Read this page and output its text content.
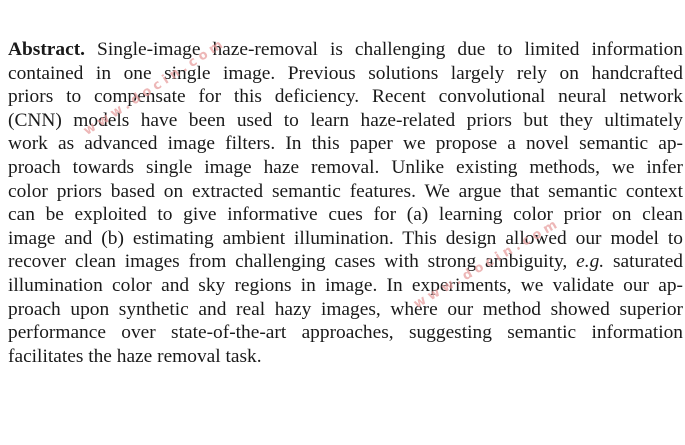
Abstract. Single-image haze-removal is challenging due to limited information
contained in one single image. Previous solutions largely rely on handcrafted
priors to compensate for this deficiency. Recent convolutional neural network
(CNN) models have been used to learn haze-related priors but they ultimately
work as advanced image filters. In this paper we propose a novel semantic ap-
proach towards single image haze removal. Unlike existing methods, we infer
color priors based on extracted semantic features. We argue that semantic context
can be exploited to give informative cues for (a) learning color prior on clean
image and (b) estimating ambient illumination. This design allowed our model to
recover clean images from challenging cases with strong ambiguity, e.g. saturated
illumination color and sky regions in image. In experiments, we validate our ap-
proach upon synthetic and real hazy images, where our method showed superior
performance over state-of-the-art approaches, suggesting semantic information
facilitates the haze removal task.
www.docin.com
www.docin.com
